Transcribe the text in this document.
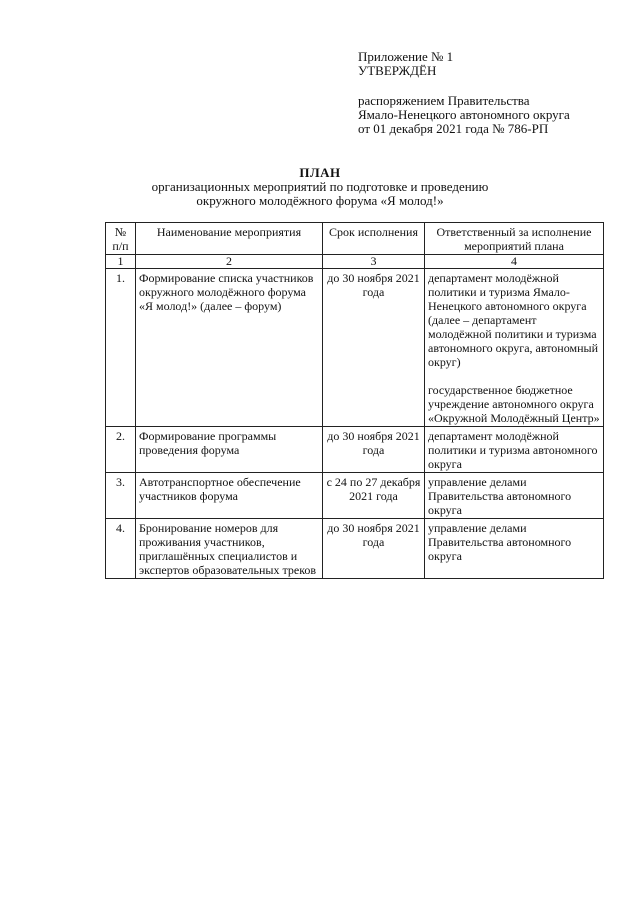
Приложение № 1
УТВЕРЖДЁН
распоряжением Правительства
Ямало-Ненецкого автономного округа
от 01 декабря 2021 года № 786-РП
ПЛАН
организационных мероприятий по подготовке и проведению
окружного молодёжного форума «Я молод!»
№ п/п	Наименование мероприятия	Срок исполнения	Ответственный за исполнение мероприятий плана
1	2	3	4
1.	Формирование списка участников окружного молодёжного форума «Я молод!» (далее – форум)	до 30 ноября 2021 года	департамент молодёжной политики и туризма Ямало-Ненецкого автономного округа (далее – департамент молодёжной политики и туризма автономного округа, автономный округ)
государственное бюджетное учреждение автономного округа «Окружной Молодёжный Центр»

2.	Формирование программы проведения форума	до 30 ноября 2021 года	департамент молодёжной политики и туризма автономного округа
3.	Автотранспортное обеспечение участников форума	с 24 по 27 декабря 2021 года	управление делами Правительства автономного округа
4.	Бронирование номеров для проживания участников, приглашённых специалистов и экспертов образовательных треков	до 30 ноября 2021 года	управление делами Правительства автономного округа
